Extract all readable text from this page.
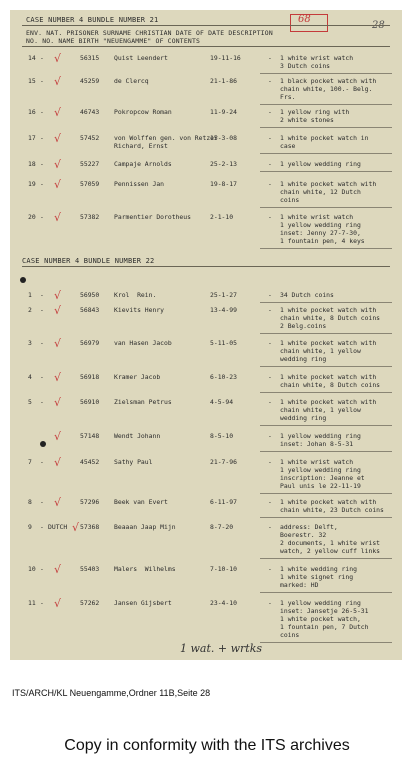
68
CASE NUMBER 4 BUNDLE NUMBER 21
ENV. NAT. PRISONER SURNAME CHRISTIAN DATE OF DATE DESCRIPTION
NO. NO. NAME BIRTH "NEUENGAMME" OF CONTENTS
14 -	56315 Quist Leendert	19-11-16	- 1 white wrist watch
3 Dutch coins
√
15 -	45259 de Clercq	21-1-86	- 1 black pocket watch with
chain white, 100.- Belg.
Frs.
√
16 -	46743 Pokropcow Roman	11-9-24	- 1 yellow ring with
2 white stones
√
17 -	57452 von Wolffen gen. von Retzer
Richard, Ernst
15-3-08	- 1 white pocket watch in
case
√
18 -	55227 Campaje Arnolds	25-2-13	- 1 yellow wedding ring
√
19 -	57059 Pennissen Jan	19-8-17	- 1 white pocket watch with
chain white, 12 Dutch
coins
√
20 -	57382 Parmentier Dorotheus	2-1-10	- 1 white wrist watch
1 yellow wedding ring
inset: Jenny 27-7-30,
1 fountain pen, 4 keys
√
CASE NUMBER 4 BUNDLE NUMBER 22
1 -	56950 Krol  Rein.	25-1-27	- 34 Dutch coins
√
2 -	56843 Kievits Henry	13-4-99	- 1 white pocket watch with
chain white, 8 Dutch coins
2 Belg.coins
√
3 -	56979 van Hasen Jacob	5-11-05	- 1 white pocket watch with
chain white, 1 yellow
wedding ring
√
4 -	56918 Kramer Jacob	6-10-23	- 1 white pocket watch with
chain white, 8 Dutch coins
√
5 -	56910 Zielsman Petrus	4-5-94	- 1 white pocket watch with
chain white, 1 yellow
wedding ring
√
57148 Wendt Johann	8-5-10	- 1 yellow wedding ring
inset: Johan 8-5-31
√
7 -	45452 Sathy Paul	21-7-96	- 1 white wrist watch
1 yellow wedding ring
inscription: Jeanne et
Paul unis le 22-11-19
√
8 -	57296 Beek van Evert	6-11-97	- 1 white pocket watch with
chain white, 23 Dutch coins
√
9 - DUTCH 57368 Beaaan Jaap Mijn	8-7-20	- address: Delft,
Boerestr. 32
2 documents, 1 white wrist
watch, 2 yellow cuff links
√
10 -	55403 Malers  Wilhelms	7-10-10	- 1 white wedding ring
1 white signet ring
marked: HD
√
11 -	57262 Jansen Gijsbert	23-4-10	- 1 yellow wedding ring
inset: Jansetje 26-5-31
1 white pocket watch,
1 fountain pen, 7 Dutch
coins
√
1 wat. + wrtks
ITS/ARCH/KL Neuengamme,Ordner 11B,Seite 28
Copy in conformity with the ITS archives
